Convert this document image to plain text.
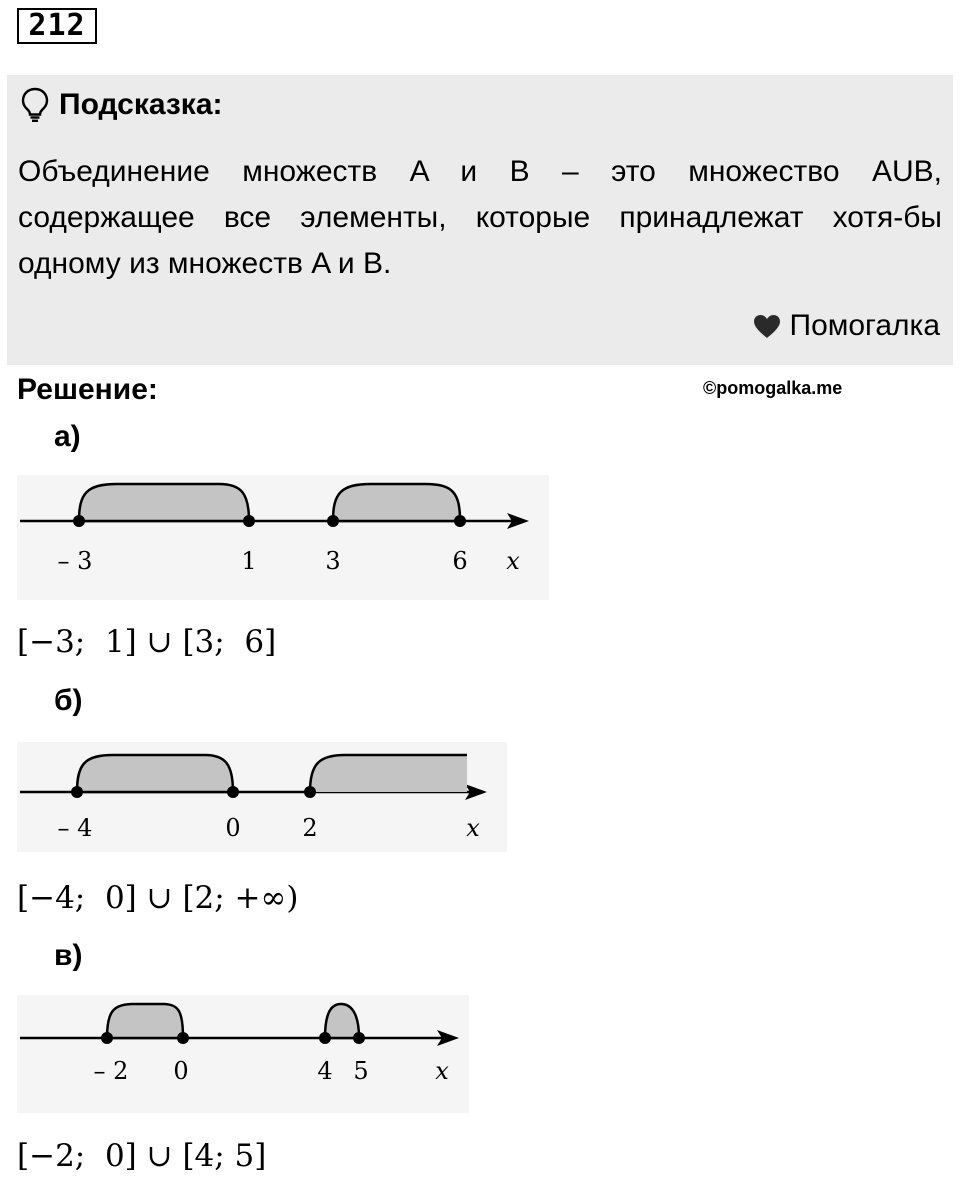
212
Подсказка:
Объединение множеств A и B – это множество AUB,
содержащее все элементы, которые принадлежат хотя-бы
одному из множеств A и B.
Помогалка
Решение:	©pomogalka.me
а)
– 3	1	3	6 x
[−3;  1] ∪ [3;  6]
б)
– 4	0	2	x
[−4;  0] ∪ [2; +∞)
в)
– 2 0	4 5	x
[−2;  0] ∪ [4; 5]
